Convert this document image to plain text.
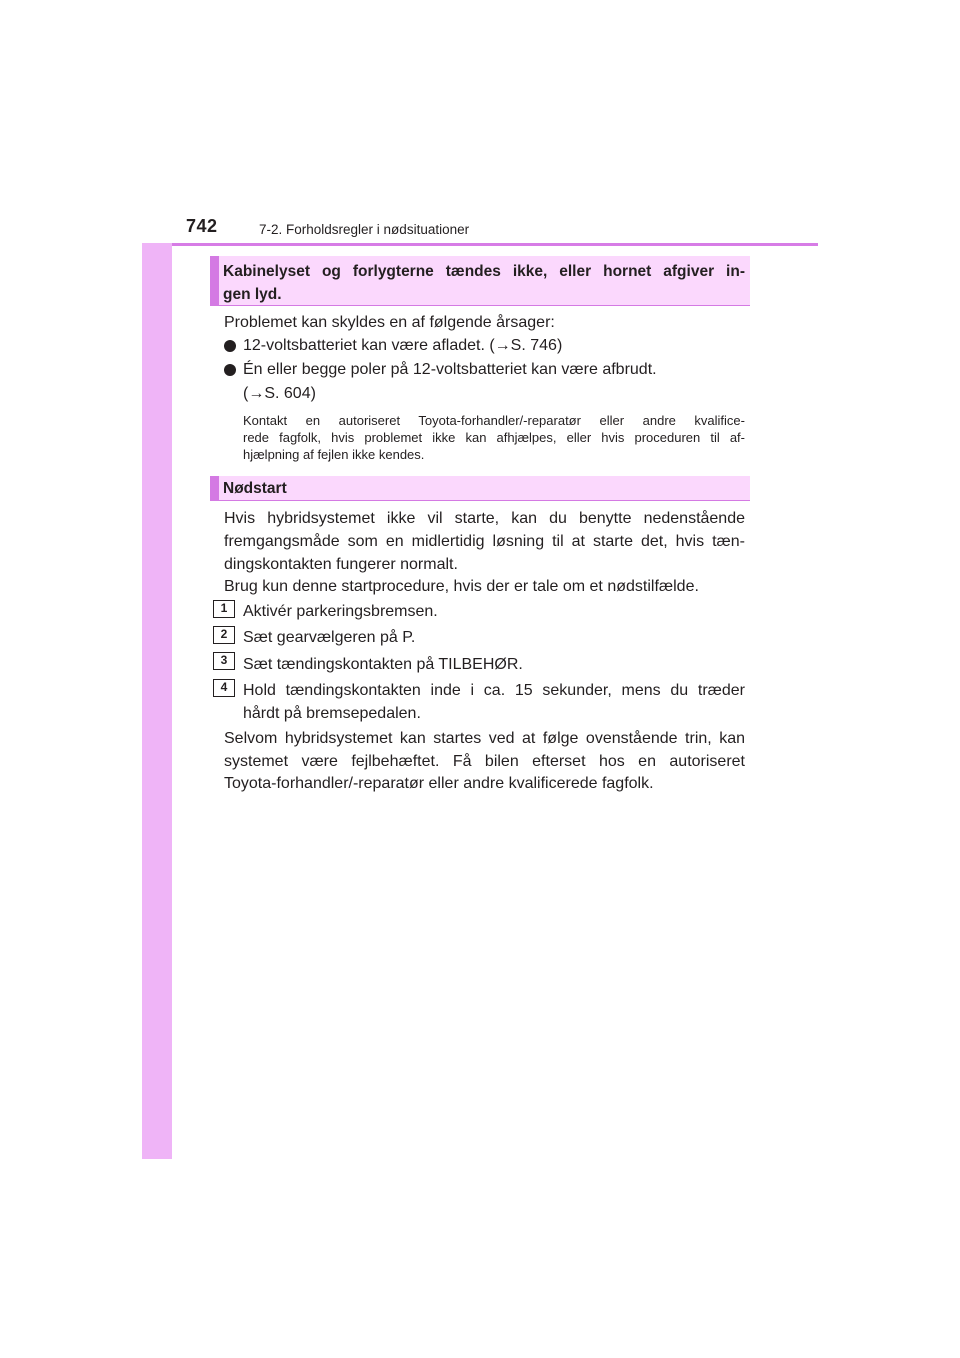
742	7-2. Forholdsregler i nødsituationer
Kabinelyset og forlygterne tændes ikke, eller hornet afgiver in-
gen lyd.
Problemet kan skyldes en af følgende årsager:
12-voltsbatteriet kan være afladet. (→S. 746)
Én eller begge poler på 12-voltsbatteriet kan være afbrudt.
(→S. 604)
Kontakt en autoriseret Toyota-forhandler/-reparatør eller andre kvalifice-
rede fagfolk, hvis problemet ikke kan afhjælpes, eller hvis proceduren til af-
hjælpning af fejlen ikke kendes.
Nødstart
Hvis hybridsystemet ikke vil starte, kan du benytte nedenstående
fremgangsmåde som en midlertidig løsning til at starte det, hvis tæn-
dingskontakten fungerer normalt.
Brug kun denne startprocedure, hvis der er tale om et nødstilfælde.
1 Aktivér parkeringsbremsen.
2 Sæt gearvælgeren på P.
3 Sæt tændingskontakten på TILBEHØR.
4 Hold tændingskontakten inde i ca. 15 sekunder, mens du træder
hårdt på bremsepedalen.
Selvom hybridsystemet kan startes ved at følge ovenstående trin, kan
systemet være fejlbehæftet. Få bilen efterset hos en autoriseret
Toyota-forhandler/-reparatør eller andre kvalificerede fagfolk.
